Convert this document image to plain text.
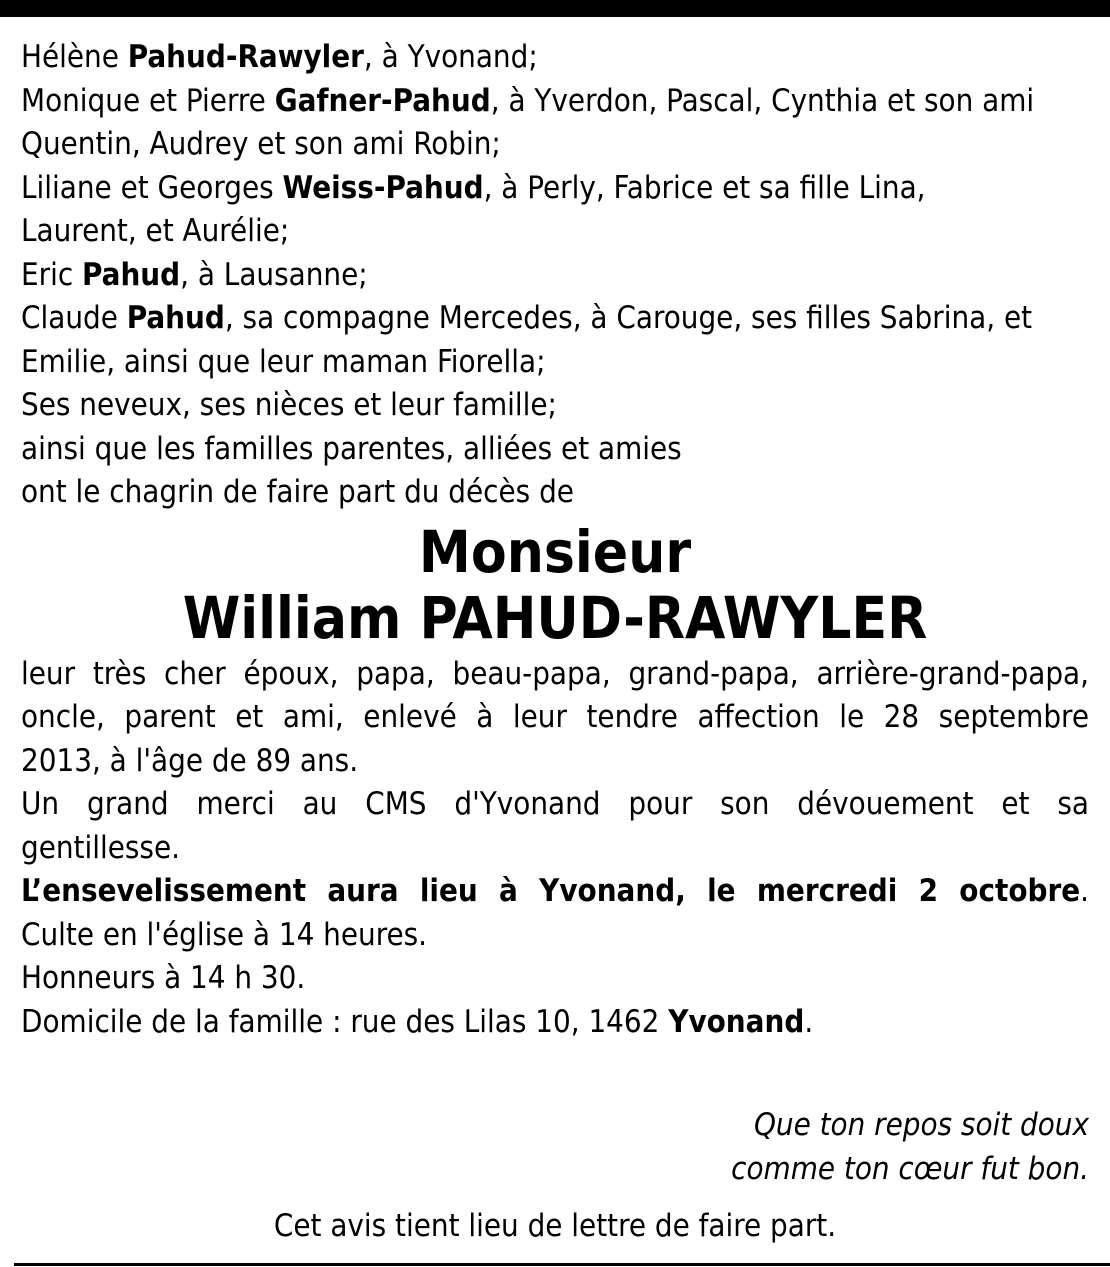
Hélène Pahud-Rawyler, à Yvonand;
Monique et Pierre Gafner-Pahud, à Yverdon, Pascal, Cynthia et son ami
Quentin, Audrey et son ami Robin;
Liliane et Georges Weiss-Pahud, à Perly, Fabrice et sa fille Lina,
Laurent, et Aurélie;
Eric Pahud, à Lausanne;
Claude Pahud, sa compagne Mercedes, à Carouge, ses filles Sabrina, et
Emilie, ainsi que leur maman Fiorella;
Ses neveux, ses nièces et leur famille;
ainsi que les familles parentes, alliées et amies
ont le chagrin de faire part du décès de
Monsieur
William PAHUD-RAWYLER
leur très cher époux, papa, beau-papa, grand-papa, arrière-grand-papa,
oncle, parent et ami, enlevé à leur tendre affection le 28 septembre
2013, à l'âge de 89 ans.
Un grand merci au CMS d'Yvonand pour son dévouement et sa
gentillesse.
L’ensevelissement aura lieu à Yvonand, le mercredi 2 octobre.
Culte en l'église à 14 heures.
Honneurs à 14 h 30.
Domicile de la famille : rue des Lilas 10, 1462 Yvonand.
Que ton repos soit doux
comme ton cœur fut bon.
Cet avis tient lieu de lettre de faire part.
